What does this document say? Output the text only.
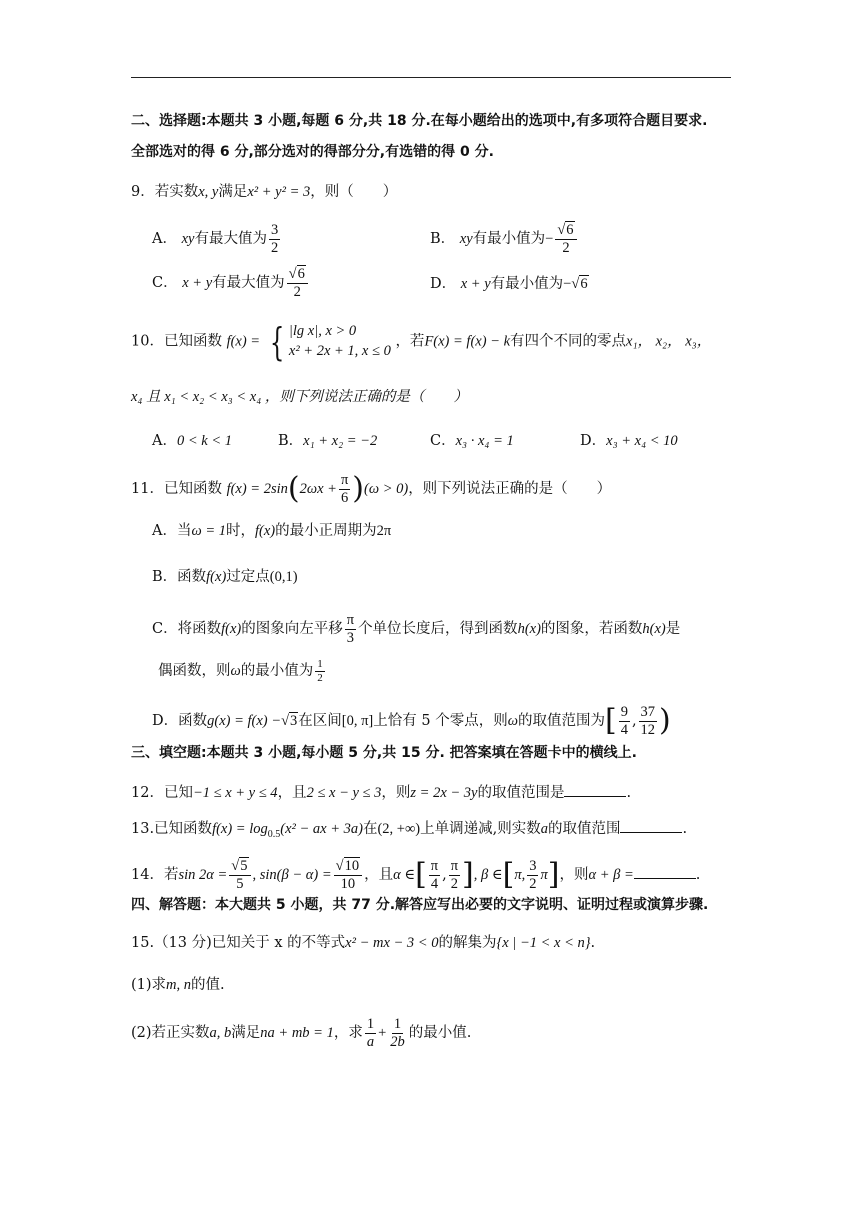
二、选择题:本题共 3 小题,每题 6 分,共 18 分.在每小题给出的选项中,有多项符合题目要求.
全部选对的得 6 分,部分选对的得部分分,有选错的得 0 分.
9．若实数x, y满足x² + y² = 3，则（　　）
A． xy有最大值为 $\frac{3}{2}$	B． xy有最小值为− $\frac{√6}{2}$
C． x + y有最大值为 $\frac{√6}{2}$	D． x + y有最小值为−√6
10．已知函数 f(x) = { |lg x|, x > 0
x² + 2x + 1, x ≤ 0
，若F(x) = f(x) − k有四个不同的零点x₁， x₂， x₃，
x₄ 且 x₁ < x₂ < x₃ < x₄ ，则下列说法正确的是（　　）
A．0 < k < 1	B．x₁ + x₂ = −2	C．x₃ · x₄ = 1	D．x₃ + x₄ < 10
11．已知函数 $f(x) = 2\sin(2\omega x + \frac{\pi}{6} )(\omega > 0)$，则下列说法正确的是（　　）
A．当ω = 1时，f(x)的最小正周期为2π
B．函数f(x)过定点(0,1)
C．将函数f(x)的图象向左平移 $\frac{\pi}{3}$ 个单位长度后，得到函数h(x)的图象，若函数h(x)是
偶函数，则ω的最小值为 $\frac{1}{2}$
D．函数g(x) = f(x) −√3在区间[0, π]上恰有 5 个零点，则ω的取值范围为[ $\frac{9}{4}$ , $\frac{37}{12}$ )
三、填空题:本题共 3 小题,每小题 5 分,共 15 分. 把答案填在答题卡中的横线上.
12．已知−1 ≤ x + y ≤ 4，且2 ≤ x − y ≤ 3，则z = 2x − 3y的取值范围是	.
13.已知函数$f(x) = \log_{0.5}(x^2$ − ax + 3a)在(2, +∞)上单调递减,则实数a的取值范围	.
14．若$\sin 2\alpha = \frac{√5}{5}$ , $\sin(\beta - \alpha) = \frac{√10}{10}$ ，且α ∈[ $\frac{\pi}{4}$ , $\frac{\pi}{2}$ ], β ∈[π, $\frac{3}{2} \pi$]，则α + β =	.
四、解答题：本大题共 5 小题，共 77 分.解答应写出必要的文字说明、证明过程或演算步骤.
15.（13 分)已知关于 x 的不等式x² − mx − 3 < 0的解集为{x | −1 < x < n}.
(1)求m, n的值.
(2)若正实数a, b满足na + mb = 1，求 $\frac{1}{a} + \frac{1}{2b}$ 的最小值.
